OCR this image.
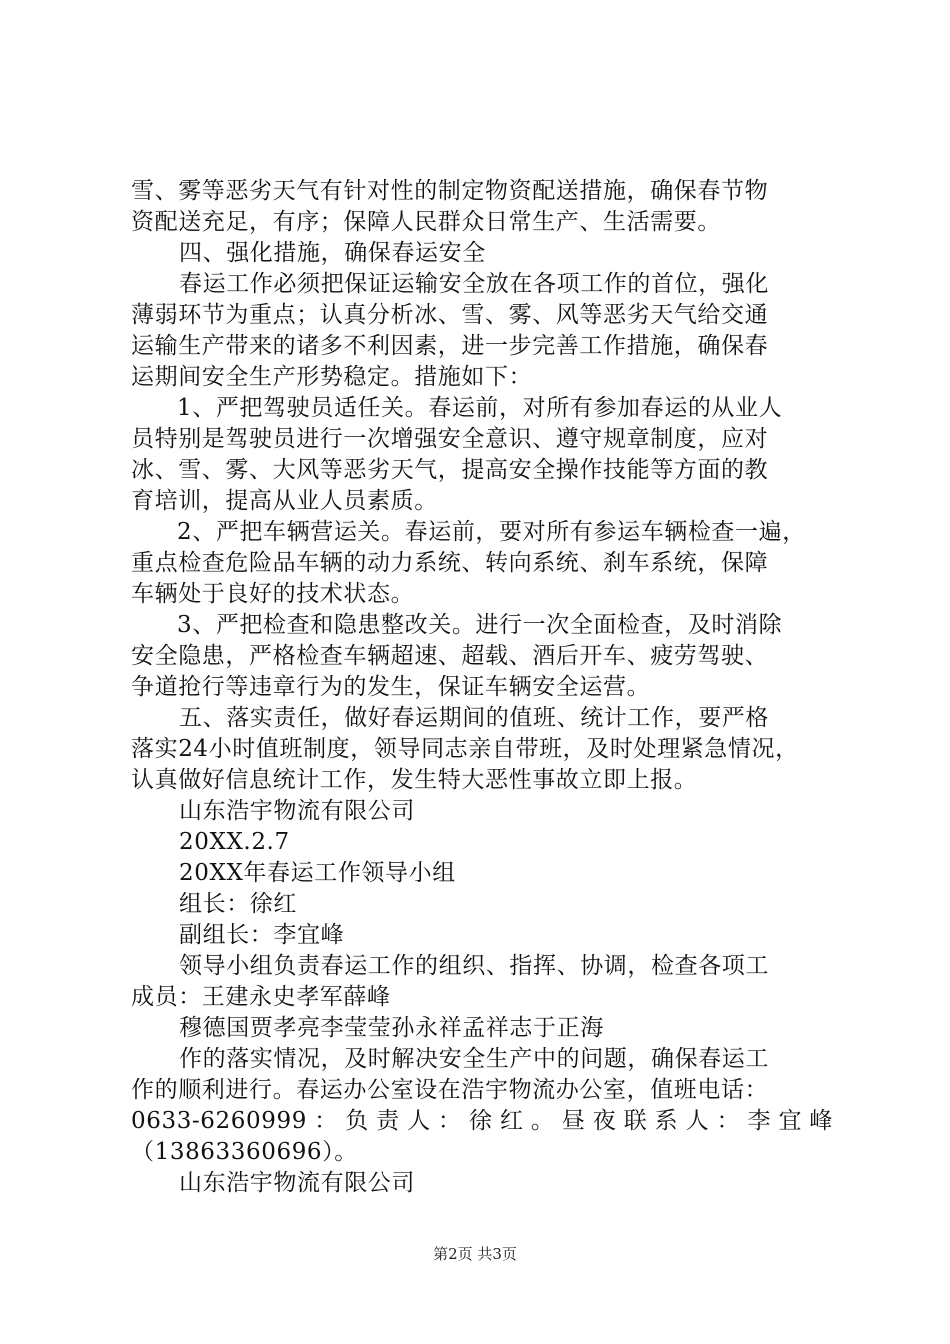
雪、雾等恶劣天气有针对性的制定物资配送措施，确保春节物
资配送充足，有序；保障人民群众日常生产、生活需要。
四、强化措施，确保春运安全
春运工作必须把保证运输安全放在各项工作的首位，强化
薄弱环节为重点；认真分析冰、雪、雾、风等恶劣天气给交通
运输生产带来的诸多不利因素，进一步完善工作措施，确保春
运期间安全生产形势稳定。措施如下：
1、严把驾驶员适任关。春运前，对所有参加春运的从业人
员特别是驾驶员进行一次增强安全意识、遵守规章制度，应对
冰、雪、雾、大风等恶劣天气，提高安全操作技能等方面的教
育培训，提高从业人员素质。
2、严把车辆营运关。春运前，要对所有参运车辆检查一遍，
重点检查危险品车辆的动力系统、转向系统、刹车系统，保障
车辆处于良好的技术状态。
3、严把检查和隐患整改关。进行一次全面检查，及时消除
安全隐患，严格检查车辆超速、超载、酒后开车、疲劳驾驶、
争道抢行等违章行为的发生，保证车辆安全运营。
五、落实责任，做好春运期间的值班、统计工作，要严格
落实24小时值班制度，领导同志亲自带班，及时处理紧急情况，
认真做好信息统计工作，发生特大恶性事故立即上报。
山东浩宇物流有限公司
20XX.2.7
20XX年春运工作领导小组
组长：徐红
副组长：李宜峰
领导小组负责春运工作的组织、指挥、协调，检查各项工
成员：王建永史孝军薛峰
穆德国贾孝亮李莹莹孙永祥孟祥志于正海
作的落实情况，及时解决安全生产中的问题，确保春运工
作的顺利进行。春运办公室设在浩宇物流办公室，值班电话：
0633-6260999：负责人：徐红。昼夜联系人：李宜峰
（13863360696）。
山东浩宇物流有限公司
第2页 共3页
